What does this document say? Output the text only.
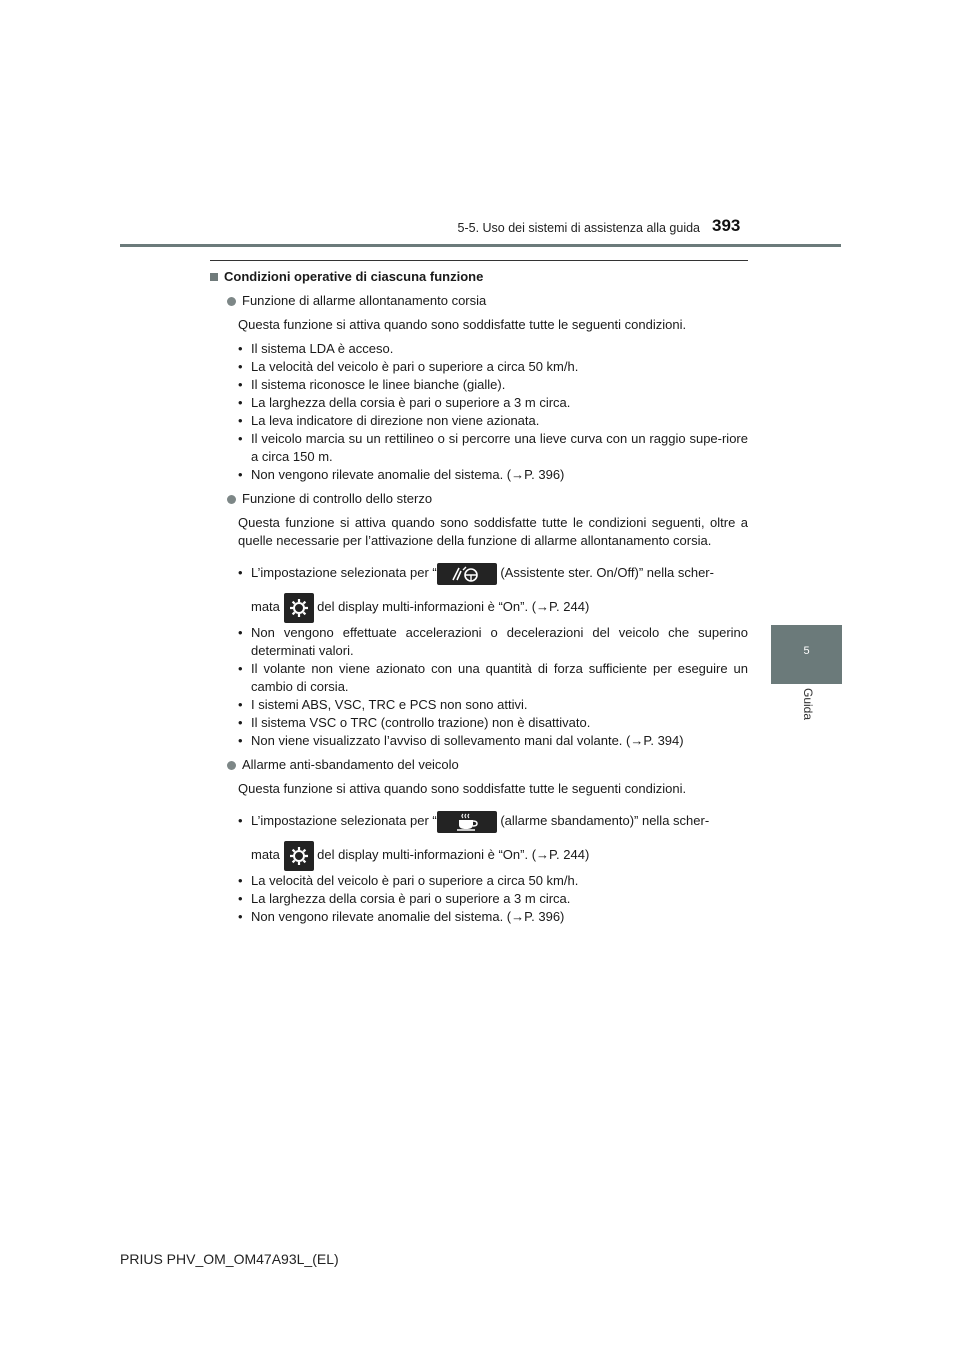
5-5. Uso dei sistemi di assistenza alla guida 393
5
Guida
Condizioni operative di ciascuna funzione
Funzione di allarme allontanamento corsia
Questa funzione si attiva quando sono soddisfatte tutte le seguenti condizioni.
• Il sistema LDA è acceso.
• La velocità del veicolo è pari o superiore a circa 50 km/h.
• Il sistema riconosce le linee bianche (gialle).
• La larghezza della corsia è pari o superiore a 3 m circa.
• La leva indicatore di direzione non viene azionata.
• Il veicolo marcia su un rettilineo o si percorre una lieve curva con un raggio supe-riore a circa 150 m.
• Non vengono rilevate anomalie del sistema. (→P. 396)
Funzione di controllo dello sterzo
Questa funzione si attiva quando sono soddisfatte tutte le condizioni seguenti, oltre a quelle necessarie per l’attivazione della funzione di allarme allontanamento corsia.
• L’impostazione selezionata per “	(Assistente ster. On/Off)” nella scher-
mata
del display multi-informazioni è “On”. (→P. 244)
• Non vengono effettuate accelerazioni o decelerazioni del veicolo che superino determinati valori.
• Il volante non viene azionato con una quantità di forza sufficiente per eseguire un cambio di corsia.
• I sistemi ABS, VSC, TRC e PCS non sono attivi.
• Il sistema VSC o TRC (controllo trazione) non è disattivato.
• Non viene visualizzato l’avviso di sollevamento mani dal volante. (→P. 394)
Allarme anti-sbandamento del veicolo
Questa funzione si attiva quando sono soddisfatte tutte le seguenti condizioni.
• L’impostazione selezionata per “	(allarme sbandamento)” nella scher-
mata
del display multi-informazioni è “On”. (→P. 244)
• La velocità del veicolo è pari o superiore a circa 50 km/h.
• La larghezza della corsia è pari o superiore a 3 m circa.
• Non vengono rilevate anomalie del sistema. (→P. 396)
PRIUS PHV_OM_OM47A93L_(EL)
